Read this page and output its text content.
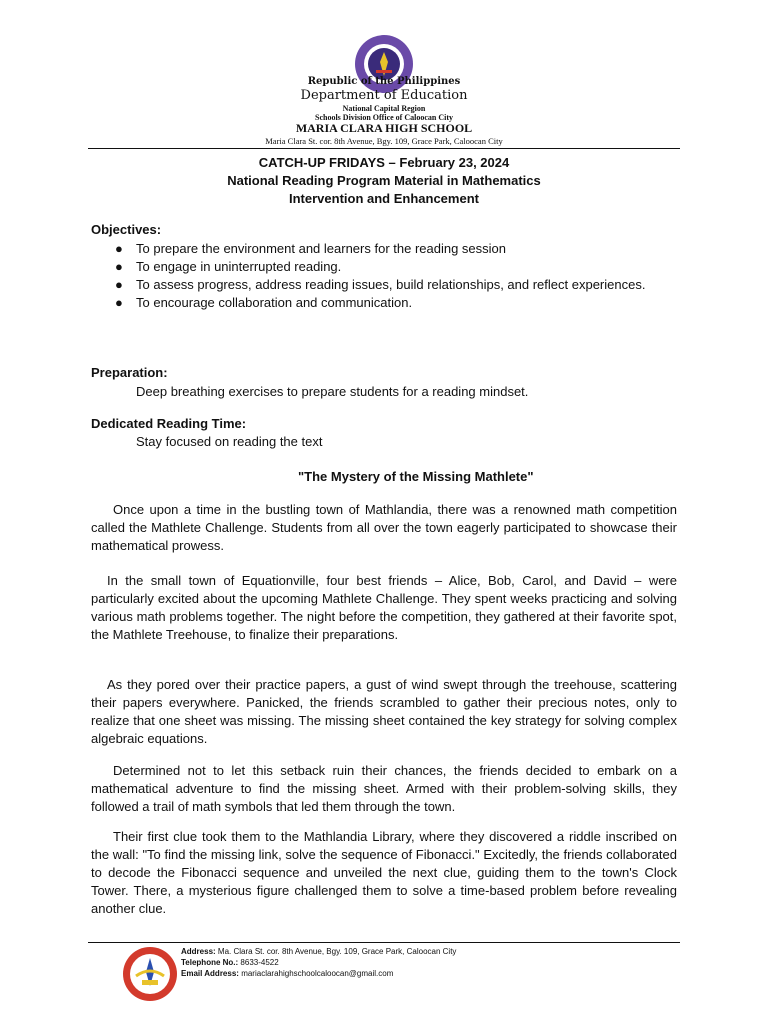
Republic of the Philippines
Department of Education
National Capital Region
Schools Division Office of Caloocan City
MARIA CLARA HIGH SCHOOL
Maria Clara St. cor. 8th Avenue, Bgy. 109, Grace Park, Caloocan City
CATCH-UP FRIDAYS – February 23, 2024
National Reading Program Material in Mathematics
Intervention and Enhancement
Objectives:
● To prepare the environment and learners for the reading session
● To engage in uninterrupted reading.
● To assess progress, address reading issues, build relationships, and reflect experiences.
● To encourage collaboration and communication.
Preparation:
Deep breathing exercises to prepare students for a reading mindset.
Dedicated Reading Time:
Stay focused on reading the text
"The Mystery of the Missing Mathlete"

Once upon a time in the bustling town of Mathlandia, there was a renowned math competition called the Mathlete Challenge. Students from all over the town eagerly participated to showcase their mathematical prowess.

In the small town of Equationville, four best friends – Alice, Bob, Carol, and David – were particularly excited about the upcoming Mathlete Challenge. They spent weeks practicing and solving various math problems together. The night before the competition, they gathered at their favorite spot, the Mathlete Treehouse, to finalize their preparations.

As they pored over their practice papers, a gust of wind swept through the treehouse, scattering their papers everywhere. Panicked, the friends scrambled to gather their precious notes, only to realize that one sheet was missing. The missing sheet contained the key strategy for solving complex algebraic equations.

Determined not to let this setback ruin their chances, the friends decided to embark on a mathematical adventure to find the missing sheet. Armed with their problem-solving skills, they followed a trail of math symbols that led them through the town.

Their first clue took them to the Mathlandia Library, where they discovered a riddle inscribed on the wall: "To find the missing link, solve the sequence of Fibonacci." Excitedly, the friends collaborated to decode the Fibonacci sequence and unveiled the next clue, guiding them to the town's Clock Tower. There, a mysterious figure challenged them to solve a time-based problem before revealing another clue.

Address: Ma. Clara St. cor. 8th Avenue, Bgy. 109, Grace Park, Caloocan City
Telephone No.: 8633-4522
Email Address: mariaclarahighschoolcaloocan@gmail.com
